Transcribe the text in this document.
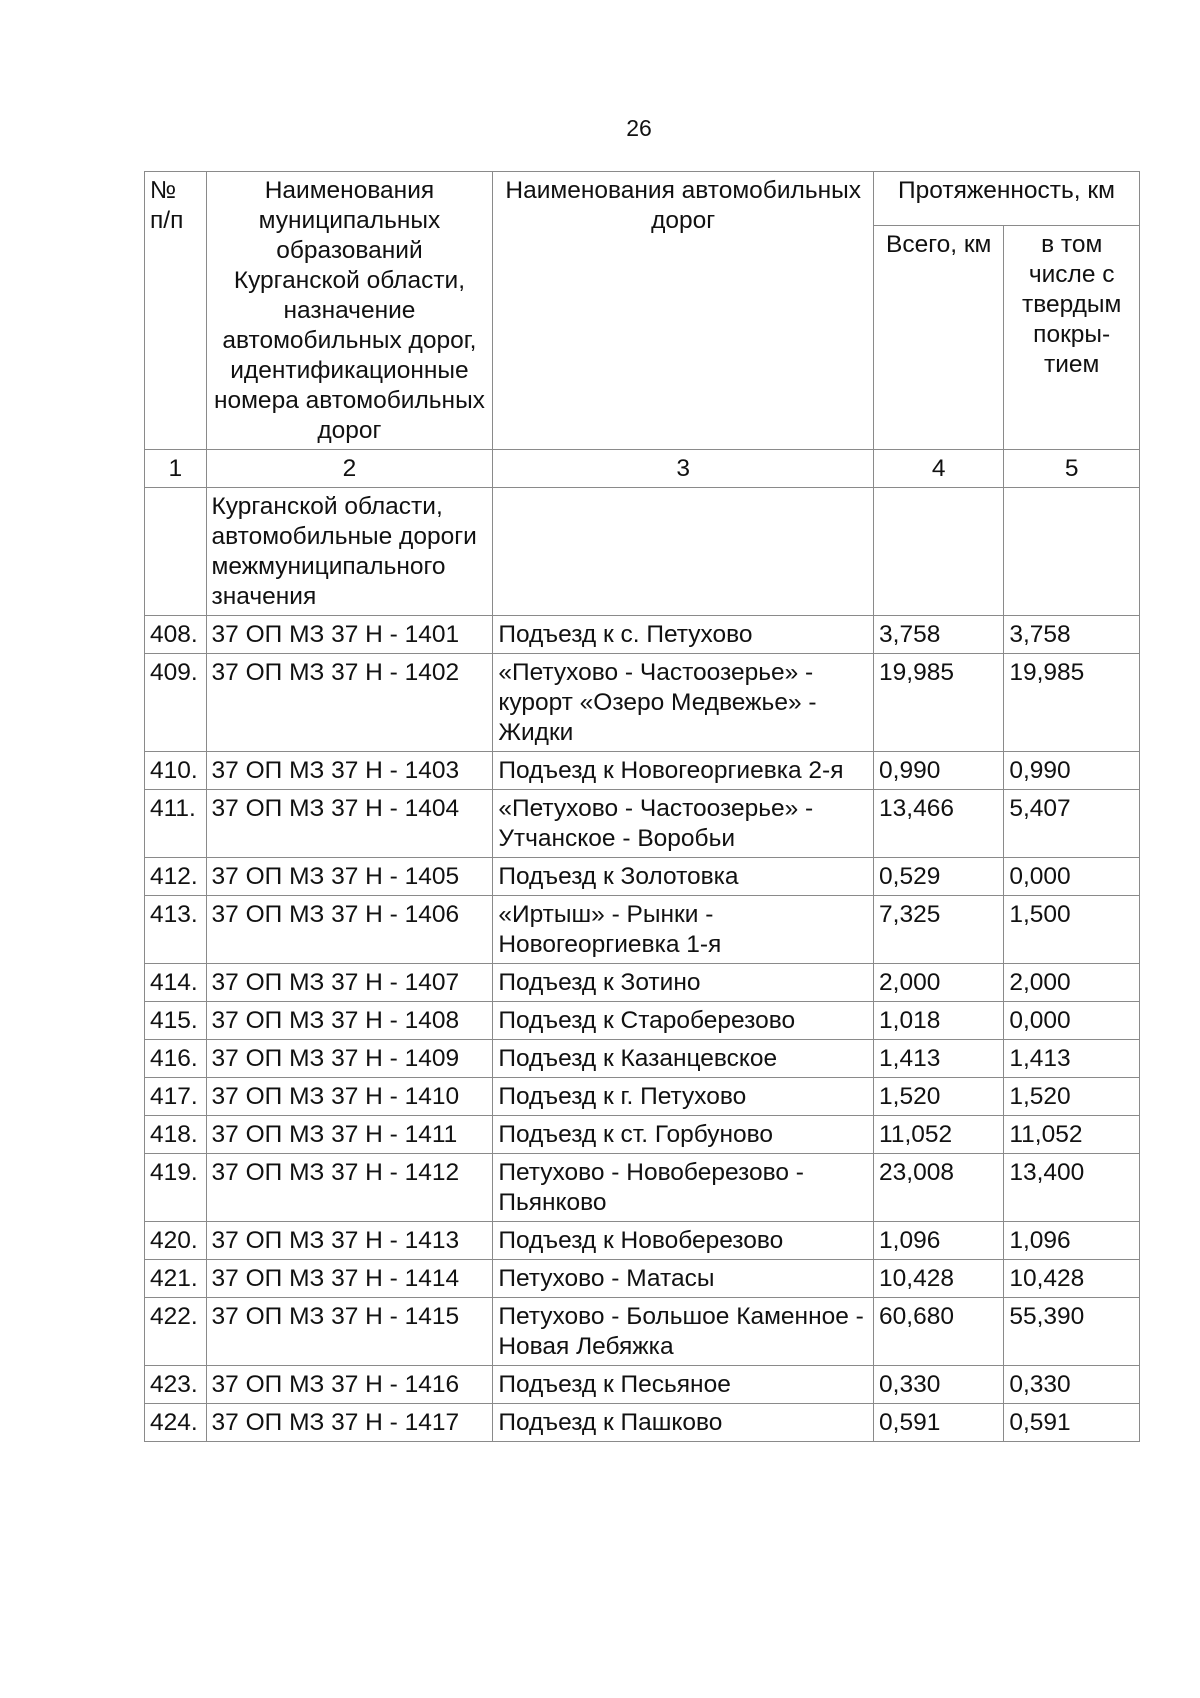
26
№ п/п	Наименования муниципальных образований Курганской области, назначение автомобильных дорог, идентификационные номера автомобильных дорог	Наименования автомобильных дорог	Протяженность, км	
			Всего, км	в том числе с твердым покры-тием
1	2	3	4	5
	Курганской области, автомобильные дороги межмуниципального значения			
408.	37 ОП МЗ 37 Н - 1401	Подъезд к с. Петухово	3,758	3,758
409.	37 ОП МЗ 37 Н - 1402	«Петухово - Частоозерье» - курорт «Озеро Медвежье» - Жидки	19,985	19,985
410.	37 ОП МЗ 37 Н - 1403	Подъезд к Новогеоргиевка 2-я	0,990	0,990
411.	37 ОП МЗ 37 Н - 1404	«Петухово - Частоозерье» - Утчанское - Воробьи	13,466	5,407
412.	37 ОП МЗ 37 Н - 1405	Подъезд к Золотовка	0,529	0,000
413.	37 ОП МЗ 37 Н - 1406	«Иртыш» - Рынки - Новогеоргиевка 1-я	7,325	1,500
414.	37 ОП МЗ 37 Н - 1407	Подъезд к Зотино	2,000	2,000
415.	37 ОП МЗ 37 Н - 1408	Подъезд к Староберезово	1,018	0,000
416.	37 ОП МЗ 37 Н - 1409	Подъезд к Казанцевское	1,413	1,413
417.	37 ОП МЗ 37 Н - 1410	Подъезд к г. Петухово	1,520	1,520
418.	37 ОП МЗ 37 Н - 1411	Подъезд к ст. Горбуново	11,052	11,052
419.	37 ОП МЗ 37 Н - 1412	Петухово - Новоберезово - Пьянково	23,008	13,400
420.	37 ОП МЗ 37 Н - 1413	Подъезд к Новоберезово	1,096	1,096
421.	37 ОП МЗ 37 Н - 1414	Петухово - Матасы	10,428	10,428
422.	37 ОП МЗ 37 Н - 1415	Петухово - Большое Каменное - Новая Лебяжка	60,680	55,390
423.	37 ОП МЗ 37 Н - 1416	Подъезд к Песьяное	0,330	0,330
424.	37 ОП МЗ 37 Н - 1417	Подъезд к Пашково	0,591	0,591
